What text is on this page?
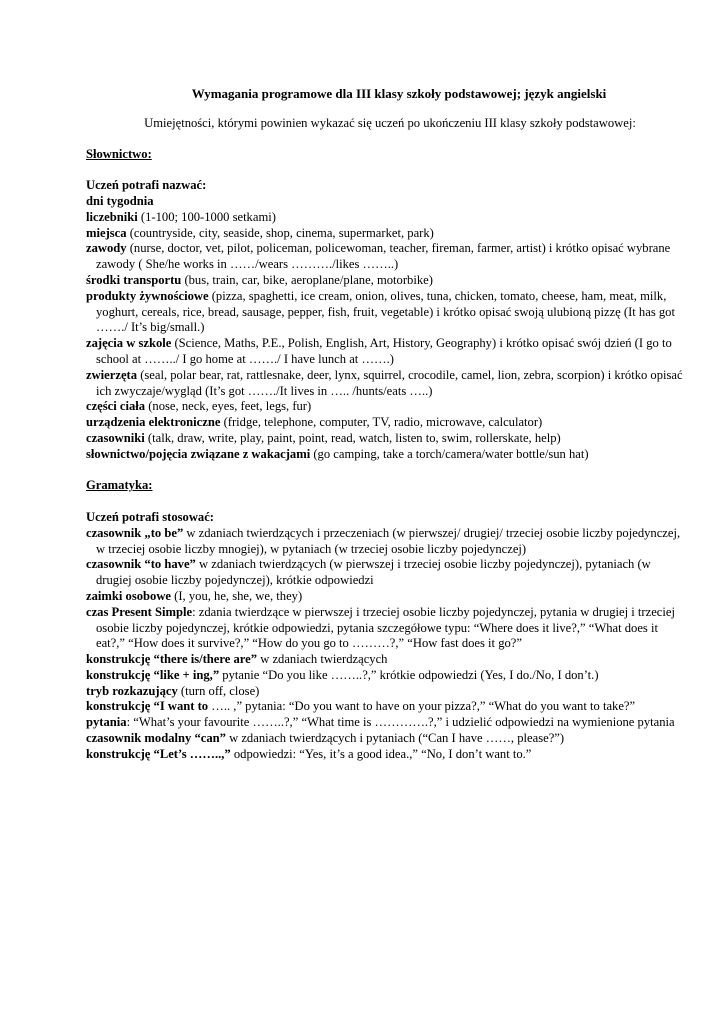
Wymagania programowe dla III klasy szkoły podstawowej; język angielski

Umiejętności, którymi powinien wykazać się uczeń po ukończeniu III klasy szkoły podstawowej:

Słownictwo:

Uczeń potrafi nazwać:

dni tygodnia

liczebniki (1-100; 100-1000 setkami)

miejsca (countryside, city, seaside, shop, cinema, supermarket, park)

zawody (nurse, doctor, vet, pilot, policeman, policewoman, teacher, fireman, farmer, artist) i krótko opisać wybrane zawody ( She/he works in ……/wears ………./likes ……..)

środki transportu (bus, train, car, bike, aeroplane/plane, motorbike)

produkty żywnościowe (pizza, spaghetti, ice cream, onion, olives, tuna, chicken, tomato, cheese, ham, meat, milk, yoghurt, cereals, rice, bread, sausage, pepper, fish, fruit, vegetable) i krótko opisać swoją ulubioną pizzę (It has got ……./ It’s big/small.)

zajęcia w szkole (Science, Maths, P.E., Polish, English, Art, History, Geography) i krótko opisać swój dzień (I go to school at ……../ I go home at ……./ I have lunch at …….)

zwierzęta (seal, polar bear, rat, rattlesnake, deer, lynx, squirrel, crocodile, camel, lion, zebra, scorpion) i krótko opisać ich zwyczaje/wygląd (It’s got ……./It lives in ….. /hunts/eats …..)

części ciała (nose, neck, eyes, feet, legs, fur)

urządzenia elektroniczne (fridge, telephone, computer, TV, radio, microwave, calculator)

czasowniki (talk, draw, write, play, paint, point, read, watch, listen to, swim, rollerskate, help)

słownictwo/pojęcia związane z wakacjami (go camping, take a torch/camera/water bottle/sun hat)

Gramatyka:

Uczeń potrafi stosować:

czasownik „to be” w zdaniach twierdzących i przeczeniach (w pierwszej/ drugiej/ trzeciej osobie liczby pojedynczej, w trzeciej osobie liczby mnogiej), w pytaniach (w trzeciej osobie liczby pojedynczej)

czasownik “to have” w zdaniach twierdzących (w pierwszej i trzeciej osobie liczby pojedynczej), pytaniach (w drugiej osobie liczby pojedynczej), krótkie odpowiedzi

zaimki osobowe (I, you, he, she, we, they)

czas Present Simple: zdania twierdzące w pierwszej i trzeciej osobie liczby pojedynczej, pytania w drugiej i trzeciej osobie liczby pojedynczej, krótkie odpowiedzi, pytania szczegółowe typu: “Where does it live?,” “What does it eat?,” “How does it survive?,” “How do you go to ………?,” “How fast does it go?”

konstrukcję “there is/there are” w zdaniach twierdzących

konstrukcję “like + ing,” pytanie “Do you like ……..?,” krótkie odpowiedzi (Yes, I do./No, I don’t.)

tryb rozkazujący (turn off, close)

konstrukcję “I want to ….. ,” pytania: “Do you want to have on your pizza?,” “What do you want to take?”

pytania: “What’s your favourite ……..?,” “What time is ………….?,” i udzielić odpowiedzi na wymienione pytania

czasownik modalny “can” w zdaniach twierdzących i pytaniach (“Can I have ……, please?”)

konstrukcję “Let’s ……..,” odpowiedzi: “Yes, it’s a good idea.,” “No, I don’t want to.”
